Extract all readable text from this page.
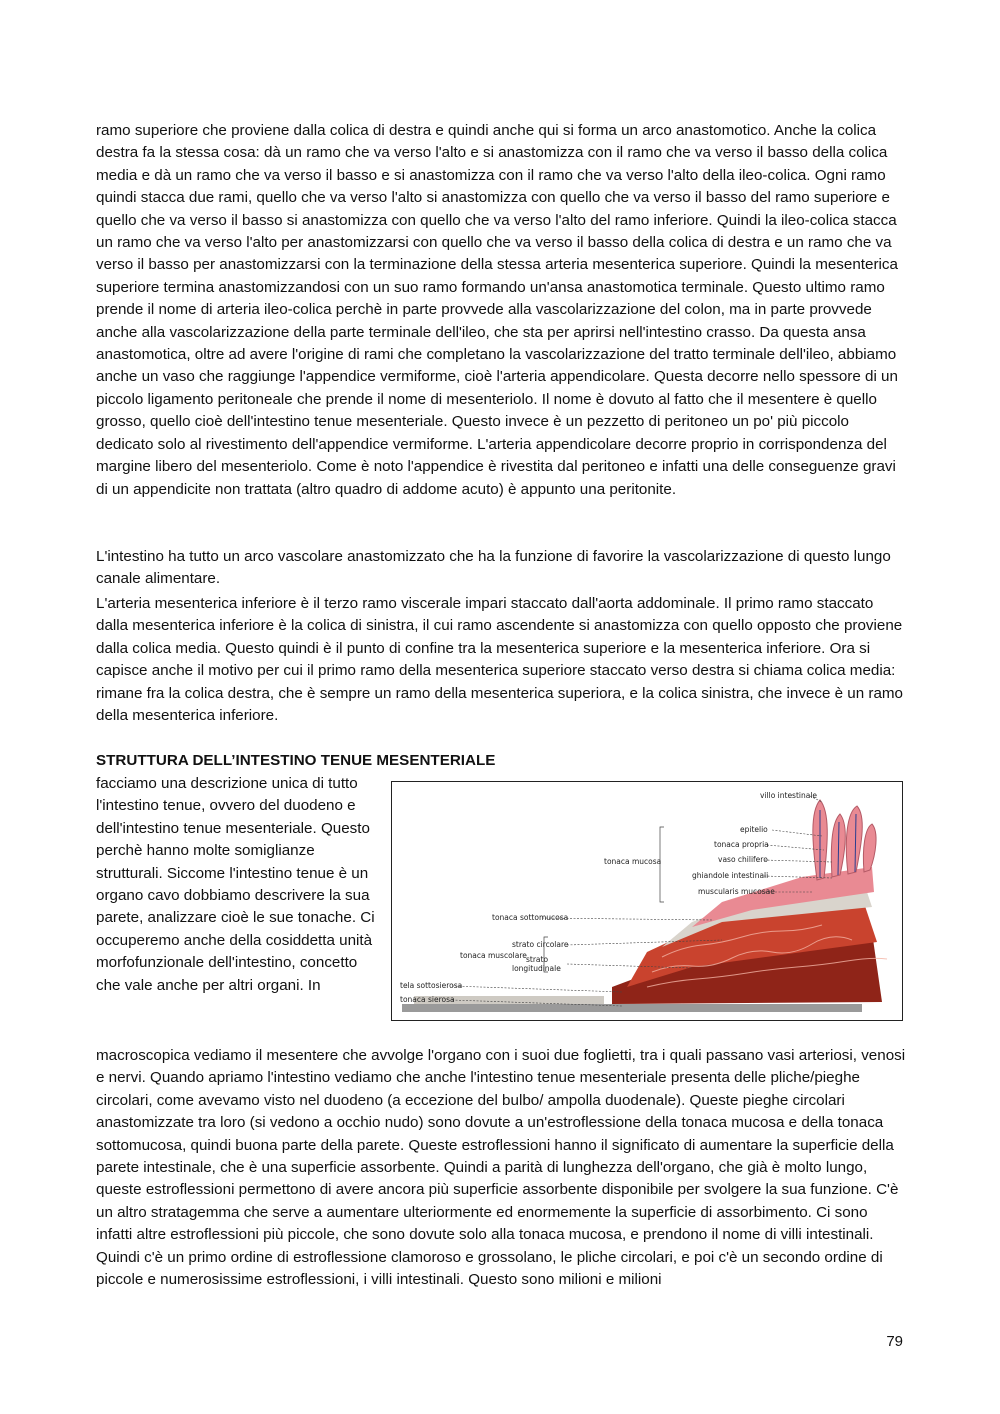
ramo superiore che proviene dalla colica di destra e quindi anche qui si forma un arco anastomotico. Anche la colica destra fa la stessa cosa: dà un ramo che va verso l'alto e si anastomizza con il ramo che va verso il basso della colica media e dà un ramo che va verso il basso e si anastomizza con il ramo che va verso l'alto della ileo-colica. Ogni ramo quindi stacca due rami, quello che va verso l'alto si anastomizza con quello che va verso il basso del ramo superiore e quello che va verso il basso si anastomizza con quello che va verso l'alto del ramo inferiore. Quindi la ileo-colica stacca un ramo che va verso l'alto per anastomizzarsi con quello che va verso il basso della colica di destra e un ramo che va verso il basso per anastomizzarsi con la terminazione della stessa arteria mesenterica superiore. Quindi la mesenterica superiore termina anastomizzandosi con un suo ramo formando un'ansa anastomotica terminale. Questo ultimo ramo prende il nome di arteria ileo-colica perchè in parte provvede alla vascolarizzazione del colon, ma in parte provvede anche alla vascolarizzazione della parte terminale dell'ileo, che sta per aprirsi nell'intestino crasso. Da questa ansa anastomotica, oltre ad avere l'origine di rami che completano la vascolarizzazione del tratto terminale dell'ileo, abbiamo anche un vaso che raggiunge l'appendice vermiforme, cioè l'arteria appendicolare. Questa decorre nello spessore di un piccolo ligamento peritoneale che prende il nome di mesenteriolo. Il nome è dovuto al fatto che il mesentere è quello grosso, quello cioè dell'intestino tenue mesenteriale. Questo invece è un pezzetto di peritoneo un po' più piccolo dedicato solo al rivestimento dell'appendice vermiforme. L'arteria appendicolare decorre proprio in corrispondenza del margine libero del mesenteriolo. Come è noto l'appendice è rivestita dal peritoneo e infatti una delle conseguenze gravi di un appendicite non trattata (altro quadro di addome acuto) è appunto una peritonite.

L'intestino ha tutto un arco vascolare anastomizzato che ha la funzione di favorire la vascolarizzazione di questo lungo canale alimentare.

L'arteria mesenterica inferiore è il terzo ramo viscerale impari staccato dall'aorta addominale. Il primo ramo staccato dalla mesenterica inferiore è la colica di sinistra, il cui ramo ascendente si anastomizza con quello opposto che proviene dalla colica media. Questo quindi è il punto di confine tra la mesenterica superiore e la mesenterica inferiore. Ora si capisce anche il motivo per cui il primo ramo della mesenterica superiore staccato verso destra si chiama colica media: rimane fra la colica destra, che è sempre un ramo della mesenterica superiora, e la colica sinistra, che invece è un ramo della mesenterica inferiore.

STRUTTURA DELL’INTESTINO TENUE MESENTERIALE

facciamo una descrizione unica di tutto l'intestino tenue, ovvero del duodeno e dell'intestino tenue mesenteriale. Questo perchè hanno molte somiglianze strutturali. Siccome l'intestino tenue è un organo cavo dobbiamo descrivere la sua parete, analizzare cioè le sue tonache. Ci occuperemo anche della cosiddetta unità morfofunzionale dell'intestino, concetto che vale anche per altri organi. In

villo intestinale
epitelio
tonaca propria
vaso chilifero
ghiandole intestinali
muscularis mucosae
tonaca mucosa
tonaca sottomucosa
strato circolare
tonaca muscolare strato
longitudinale
tela sottosierosa
tonaca sierosa

macroscopica vediamo il mesentere che avvolge l'organo con i suoi due foglietti, tra i quali passano vasi arteriosi, venosi e nervi. Quando apriamo l'intestino vediamo che anche l'intestino tenue mesenteriale presenta delle pliche/pieghe circolari, come avevamo visto nel duodeno (a eccezione del bulbo/ ampolla duodenale). Queste pieghe circolari anastomizzate tra loro (si vedono a occhio nudo) sono dovute a un'estroflessione della tonaca mucosa e della tonaca sottomucosa, quindi buona parte della parete. Queste estroflessioni hanno il significato di aumentare la superficie della parete intestinale, che è una superficie assorbente. Quindi a parità di lunghezza dell'organo, che già è molto lungo, queste estroflessioni permettono di avere ancora più superficie assorbente disponibile per svolgere la sua funzione. C'è un altro stratagemma che serve a aumentare ulteriormente ed enormemente la superficie di assorbimento. Ci sono infatti altre estroflessioni più piccole, che sono dovute solo alla tonaca mucosa, e prendono il nome di villi intestinali. Quindi c'è un primo ordine di estroflessione clamoroso e grossolano, le pliche circolari, e poi c'è un secondo ordine di piccole e numerosissime estroflessioni, i villi intestinali. Questo sono milioni e milioni

79
